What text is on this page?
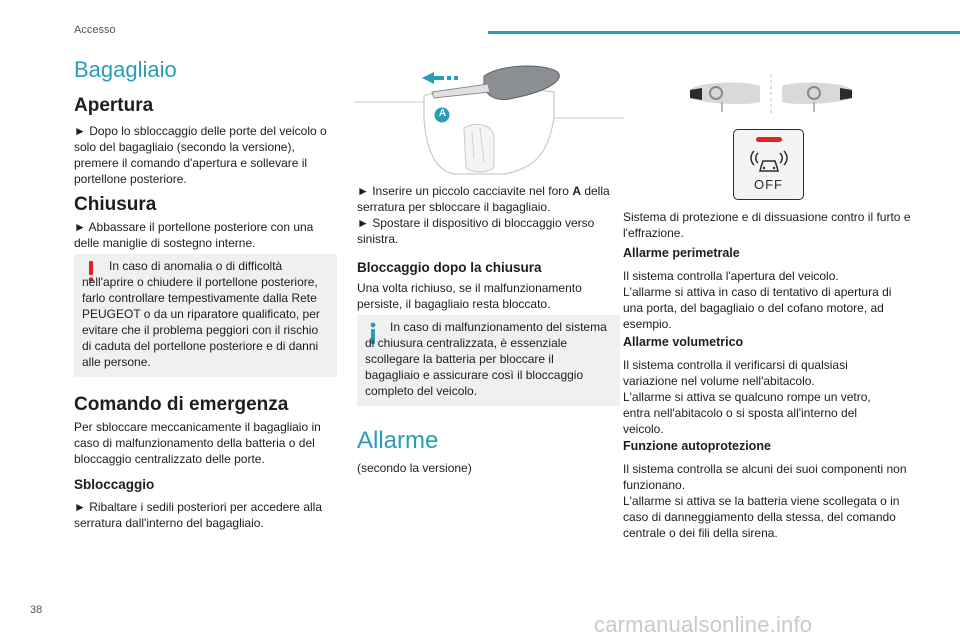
Accesso
Bagagliaio
Apertura
► Dopo lo sbloccaggio delle porte del veicolo o solo del bagagliaio (secondo la versione), premere il comando d'apertura e sollevare il portellone posteriore.
Chiusura
► Abbassare il portellone posteriore con una delle maniglie di sostegno interne.
In caso di anomalia o di difficoltà nell'aprire o chiudere il portellone posteriore, farlo controllare tempestivamente dalla Rete PEUGEOT o da un riparatore qualificato, per evitare che il problema peggiori con il rischio di caduta del portellone posteriore e di danni alle persone.
Comando di emergenza
Per sbloccare meccanicamente il bagagliaio in caso di malfunzionamento della batteria o del bloccaggio centralizzato delle porte.
Sbloccaggio
► Ribaltare i sedili posteriori per accedere alla serratura dall'interno del bagagliaio.
A
► Inserire un piccolo cacciavite nel foro A della serratura per sbloccare il bagagliaio.
► Spostare il dispositivo di bloccaggio verso sinistra.
Bloccaggio dopo la chiusura
Una volta richiuso, se il malfunzionamento persiste, il bagagliaio resta bloccato.
In caso di malfunzionamento del sistema di chiusura centralizzata, è essenziale scollegare la batteria per bloccare il bagagliaio e assicurare così il bloccaggio completo del veicolo.
Allarme
(secondo la versione)
OFF
Sistema di protezione e di dissuasione contro il furto e l'effrazione.
Allarme perimetrale
Il sistema controlla l'apertura del veicolo.
L'allarme si attiva in caso di tentativo di apertura di una porta, del bagagliaio o del cofano motore, ad esempio.
Allarme volumetrico
Il sistema controlla il verificarsi di qualsiasi variazione nel volume nell'abitacolo.
L'allarme si attiva se qualcuno rompe un vetro, entra nell'abitacolo o si sposta all'interno del veicolo.
Funzione autoprotezione
Il sistema controlla se alcuni dei suoi componenti non funzionano.
L'allarme si attiva se la batteria viene scollegata o in caso di danneggiamento della stessa, del comando centrale o dei fili della sirena.
38
carmanualsonline.info
